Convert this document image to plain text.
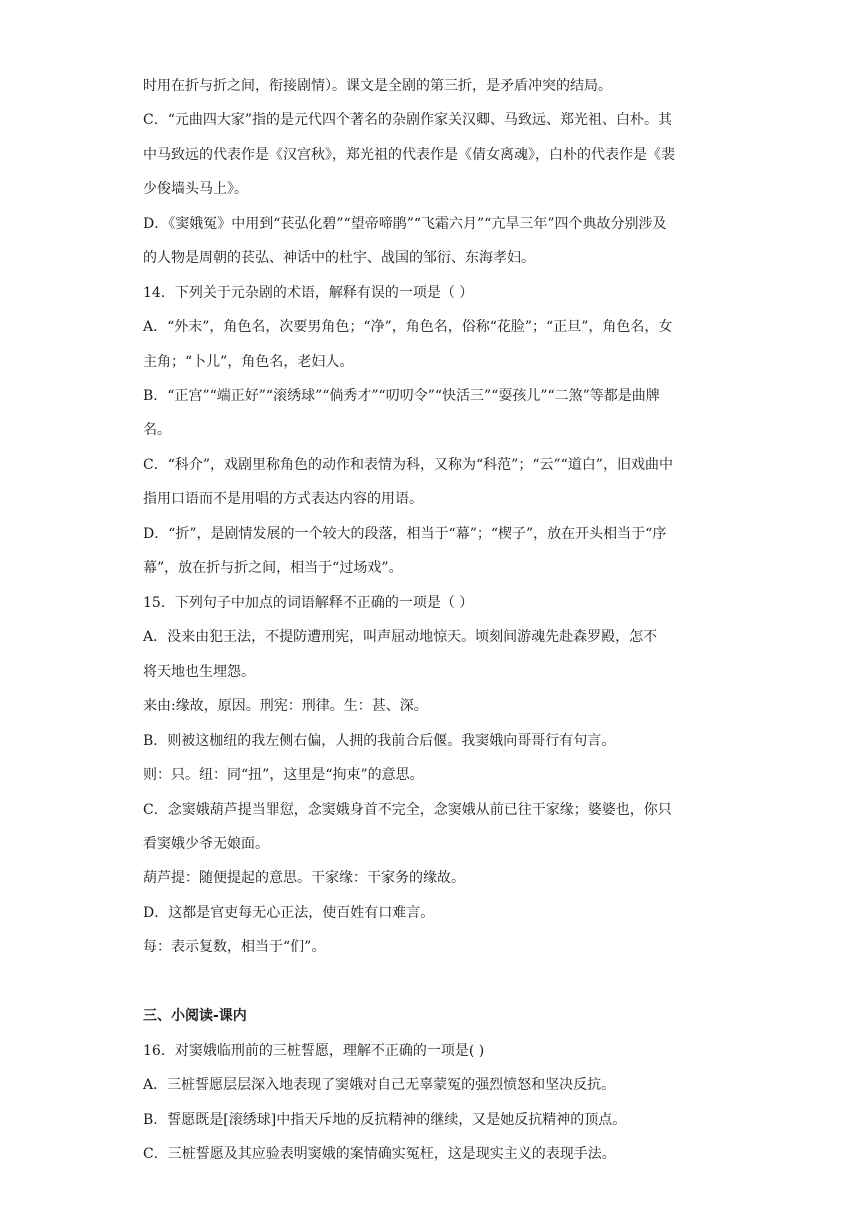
时用在折与折之间，衔接剧情）。课文是全剧的第三折，是矛盾冲突的结局。
C．“元曲四大家”指的是元代四个著名的杂剧作家关汉卿、马致远、郑光祖、白朴。其
中马致远的代表作是《汉宫秋》，郑光祖的代表作是《倩女离魂》，白朴的代表作是《裴
少俊墙头马上》。
D．《窦娥冤》中用到“苌弘化碧”“望帝啼鹃”“飞霜六月”“亢旱三年”四个典故分别涉及
的人物是周朝的苌弘、神话中的杜宇、战国的邹衍、东海孝妇。
14．下列关于元杂剧的术语，解释有误的一项是（ ）
A．“外末”，角色名，次要男角色；“净”，角色名，俗称“花脸”；“正旦”，角色名，女
主角；“卜儿”，角色名，老妇人。
B．“正宫”“端正好”“滚绣球”“倘秀才”“叨叨令”“快活三”“耍孩儿”“二煞”等都是曲牌
名。
C．“科介”，戏剧里称角色的动作和表情为科，又称为“科范”；“云”“道白”，旧戏曲中
指用口语而不是用唱的方式表达内容的用语。
D．“折”，是剧情发展的一个较大的段落，相当于“幕”；“楔子”，放在开头相当于“序
幕”，放在折与折之间，相当于“过场戏”。
15．下列句子中加点的词语解释不正确的一项是（ ）
A．没来由犯王法，不提防遭刑宪，叫声屈动地惊天。顷刻间游魂先赴森罗殿，怎不
将天地也生埋怨。
来由:缘故，原因。刑宪：刑律。生：甚、深。
B．则被这枷纽的我左侧右偏，人拥的我前合后偃。我窦娥向哥哥行有句言。
则：只。纽：同“扭”，这里是“拘束”的意思。
C．念窦娥葫芦提当罪愆，念窦娥身首不完全，念窦娥从前已往干家缘；婆婆也，你只
看窦娥少爷无娘面。
葫芦提：随便提起的意思。干家缘：干家务的缘故。
D．这都是官吏每无心正法，使百姓有口难言。
每：表示复数，相当于“们”。
三、小阅读-课内
16．对窦娥临刑前的三桩誓愿，理解不正确的一项是( )
A．三桩誓愿层层深入地表现了窦娥对自己无辜蒙冤的强烈愤怒和坚决反抗。
B．誓愿既是[滚绣球]中指天斥地的反抗精神的继续，又是她反抗精神的顶点。
C．三桩誓愿及其应验表明窦娥的案情确实冤枉，这是现实主义的表现手法。
